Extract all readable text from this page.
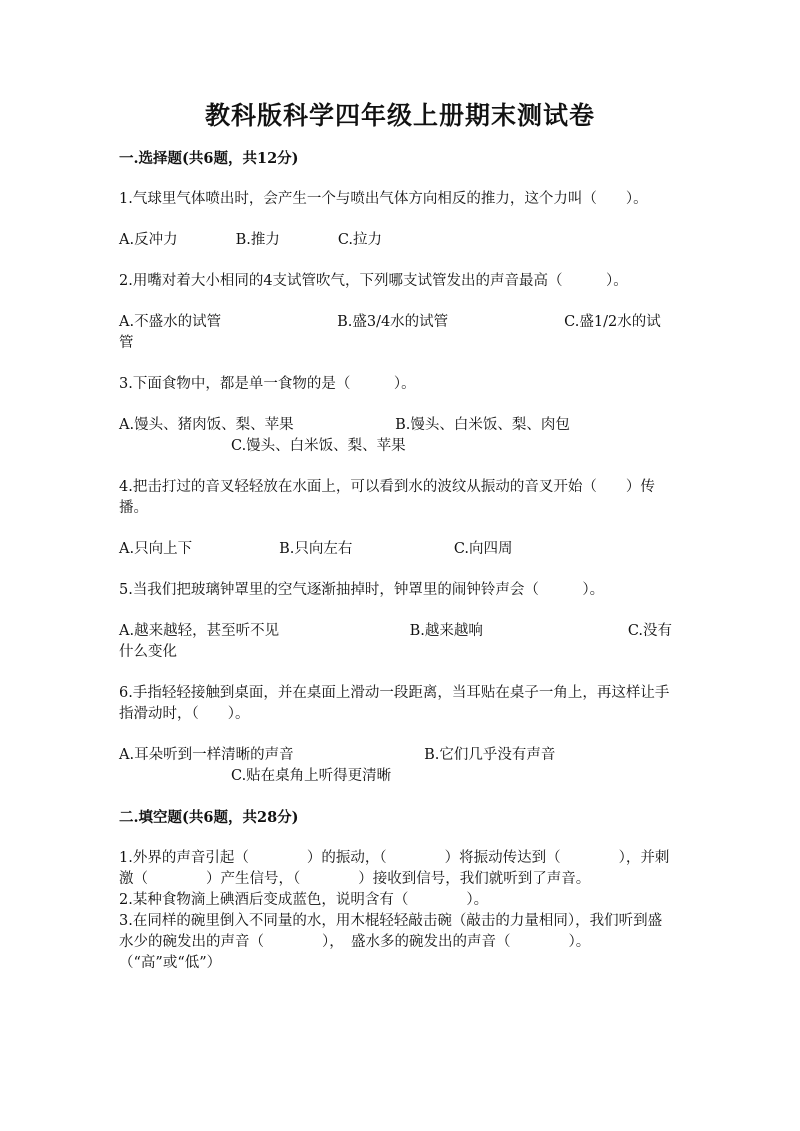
教科版科学四年级上册期末测试卷

一.选择题(共6题，共12分)

1.气球里气体喷出时，会产生一个与喷出气体方向相反的推力，这个力叫（　　）。

A.反冲力　　　　B.推力　　　　C.拉力

2.用嘴对着大小相同的4支试管吹气，下列哪支试管发出的声音最高（　　　）。

A.不盛水的试管　　　　　　　　B.盛3/4水的试管　　　　　　　　C.盛1/2水的试管

3.下面食物中，都是单一食物的是（　　　）。

A.馒头、猪肉饭、梨、苹果　　　　　　　B.馒头、白米饭、梨、肉包

C.馒头、白米饭、梨、苹果

4.把击打过的音叉轻轻放在水面上，可以看到水的波纹从振动的音叉开始（　　）传播。

A.只向上下　　　　　　B.只向左右　　　　　　　C.向四周

5.当我们把玻璃钟罩里的空气逐渐抽掉时，钟罩里的闹钟铃声会（　　　）。

A.越来越轻，甚至听不见　　　　　　　　　B.越来越响　　　　　　　　　　C.没有什么变化

6.手指轻轻接触到桌面，并在桌面上滑动一段距离，当耳贴在桌子一角上，再这样让手指滑动时，（　　）。

A.耳朵听到一样清晰的声音　　　　　　　　　B.它们几乎没有声音

C.贴在桌角上听得更清晰

二.填空题(共6题，共28分)

1.外界的声音引起（　　　　）的振动，（　　　　）将振动传达到（　　　　），并刺激（　　　　）产生信号，（　　　　）接收到信号，我们就听到了声音。

2.某种食物滴上碘酒后变成蓝色，说明含有（　　　　）。

3.在同样的碗里倒入不同量的水，用木棍轻轻敲击碗（敲击的力量相同），我们听到盛水少的碗发出的声音（　　　　），　盛水多的碗发出的声音（　　　　）。（“高”或“低”）
